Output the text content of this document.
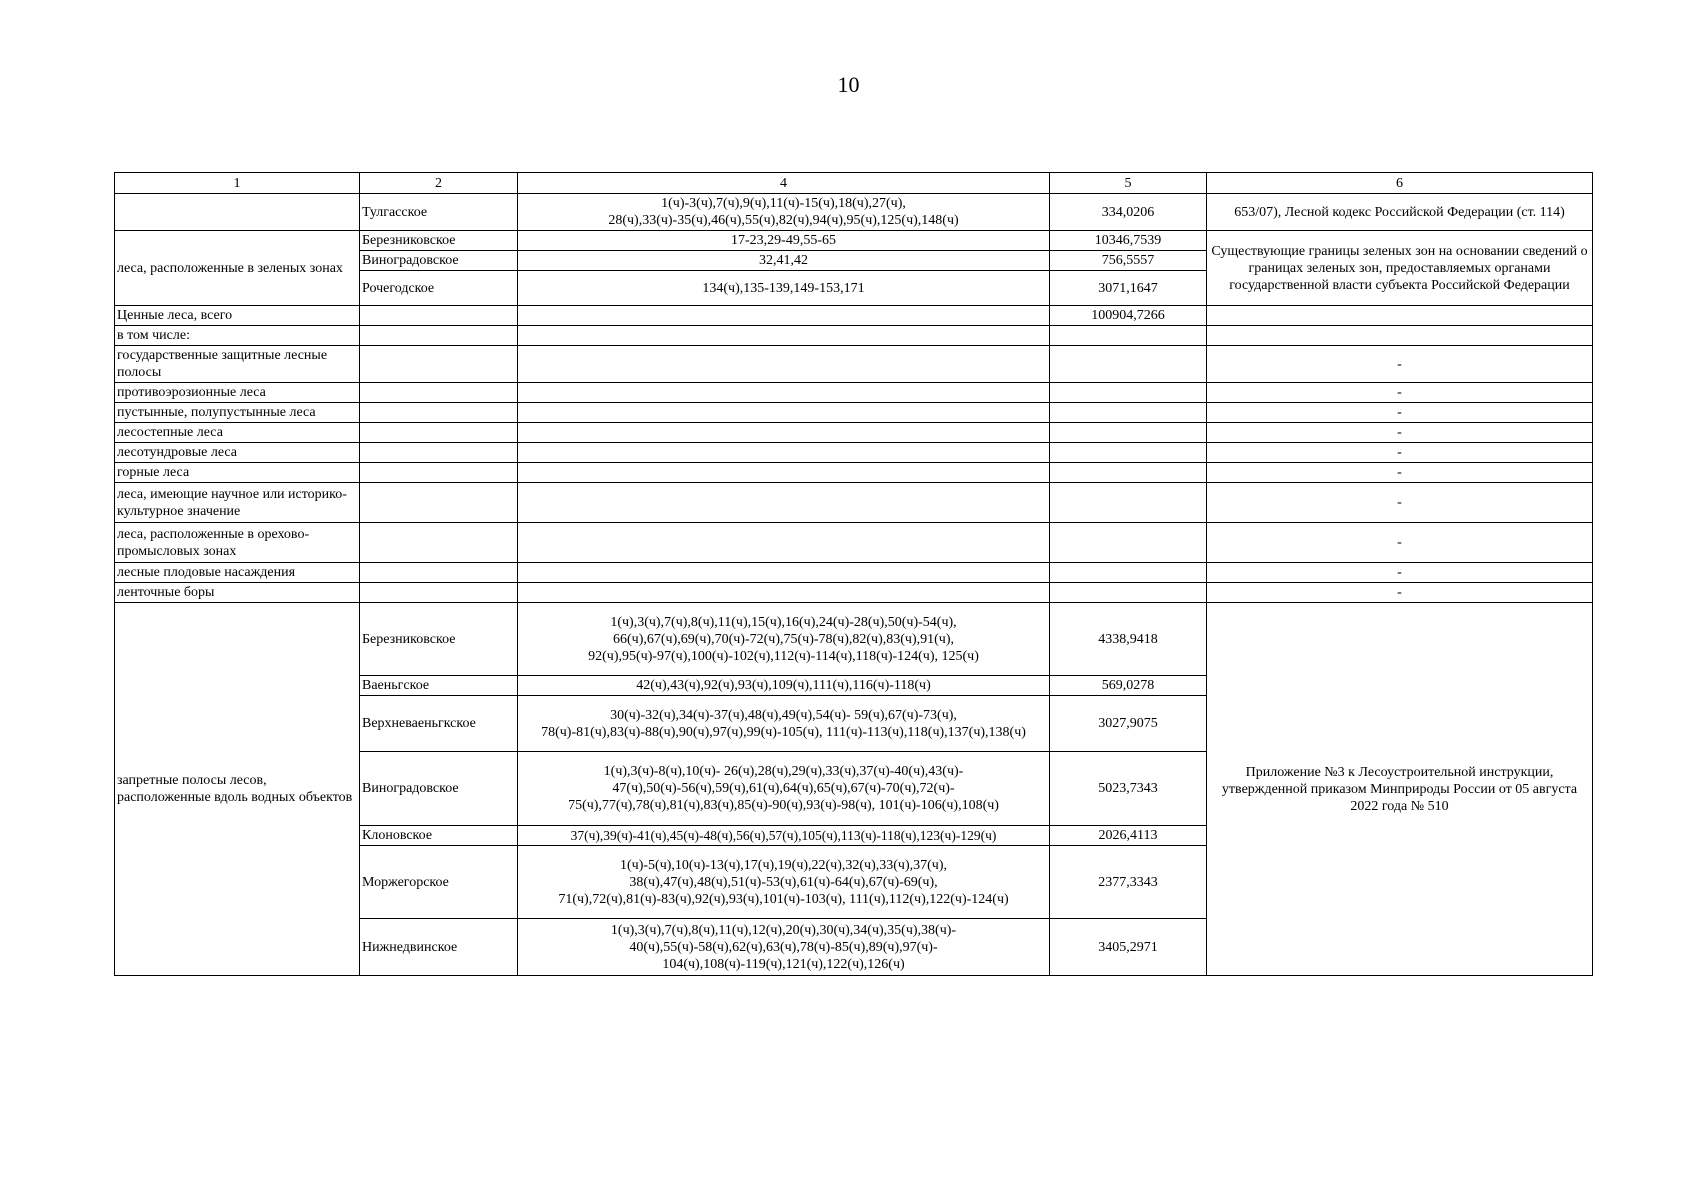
10
1	2	4	5	6
	Тулгасское	1(ч)-3(ч),7(ч),9(ч),11(ч)-15(ч),18(ч),27(ч), 28(ч),33(ч)-35(ч),46(ч),55(ч),82(ч),94(ч),95(ч),125(ч),148(ч)	334,0206	653/07), Лесной кодекс Российской Федерации (ст. 114)
леса, расположенные в зеленых зонах	Березниковское	17-23,29-49,55-65	10346,7539	Существующие границы зеленых зон на основании сведений о границах зеленых зон, предоставляемых органами государственной власти субъекта Российской Федерации
	Виноградовское	32,41,42	756,5557	
	Рочегодское	134(ч),135-139,149-153,171	3071,1647	
Ценные леса, всего			100904,7266	
в том числе:				
государственные защитные лесные полосы				-
противоэрозионные леса				-
пустынные, полупустынные леса				-
лесостепные леса				-
лесотундровые леса				-
горные леса				-
леса, имеющие научное или историко-культурное значение				-
леса, расположенные в орехово-промысловых зонах				-
лесные плодовые насаждения				-
ленточные боры				-
запретные полосы лесов, расположенные вдоль водных объектов	Березниковское	1(ч),3(ч),7(ч),8(ч),11(ч),15(ч),16(ч),24(ч)-28(ч),50(ч)-54(ч), 66(ч),67(ч),69(ч),70(ч)-72(ч),75(ч)-78(ч),82(ч),83(ч),91(ч), 92(ч),95(ч)-97(ч),100(ч)-102(ч),112(ч)-114(ч),118(ч)-124(ч), 125(ч)	4338,9418	Приложение №3 к Лесоустроительной инструкции, утвержденной приказом Минприроды России от 05 августа 2022 года № 510
	Ваеньгское	42(ч),43(ч),92(ч),93(ч),109(ч),111(ч),116(ч)-118(ч)	569,0278	
	Верхневаеньгкское	30(ч)-32(ч),34(ч)-37(ч),48(ч),49(ч),54(ч)- 59(ч),67(ч)-73(ч), 78(ч)-81(ч),83(ч)-88(ч),90(ч),97(ч),99(ч)-105(ч), 111(ч)-113(ч),118(ч),137(ч),138(ч)	3027,9075	
	Виноградовское	1(ч),3(ч)-8(ч),10(ч)- 26(ч),28(ч),29(ч),33(ч),37(ч)-40(ч),43(ч)- 47(ч),50(ч)-56(ч),59(ч),61(ч),64(ч),65(ч),67(ч)-70(ч),72(ч)- 75(ч),77(ч),78(ч),81(ч),83(ч),85(ч)-90(ч),93(ч)-98(ч), 101(ч)-106(ч),108(ч)	5023,7343	
	Клоновское	37(ч),39(ч)-41(ч),45(ч)-48(ч),56(ч),57(ч),105(ч),113(ч)-118(ч),123(ч)-129(ч)	2026,4113	
	Моржегорское	1(ч)-5(ч),10(ч)-13(ч),17(ч),19(ч),22(ч),32(ч),33(ч),37(ч), 38(ч),47(ч),48(ч),51(ч)-53(ч),61(ч)-64(ч),67(ч)-69(ч), 71(ч),72(ч),81(ч)-83(ч),92(ч),93(ч),101(ч)-103(ч), 111(ч),112(ч),122(ч)-124(ч)	2377,3343	
	Нижнедвинское	1(ч),3(ч),7(ч),8(ч),11(ч),12(ч),20(ч),30(ч),34(ч),35(ч),38(ч)- 40(ч),55(ч)-58(ч),62(ч),63(ч),78(ч)-85(ч),89(ч),97(ч)- 104(ч),108(ч)-119(ч),121(ч),122(ч),126(ч)	3405,2971	
